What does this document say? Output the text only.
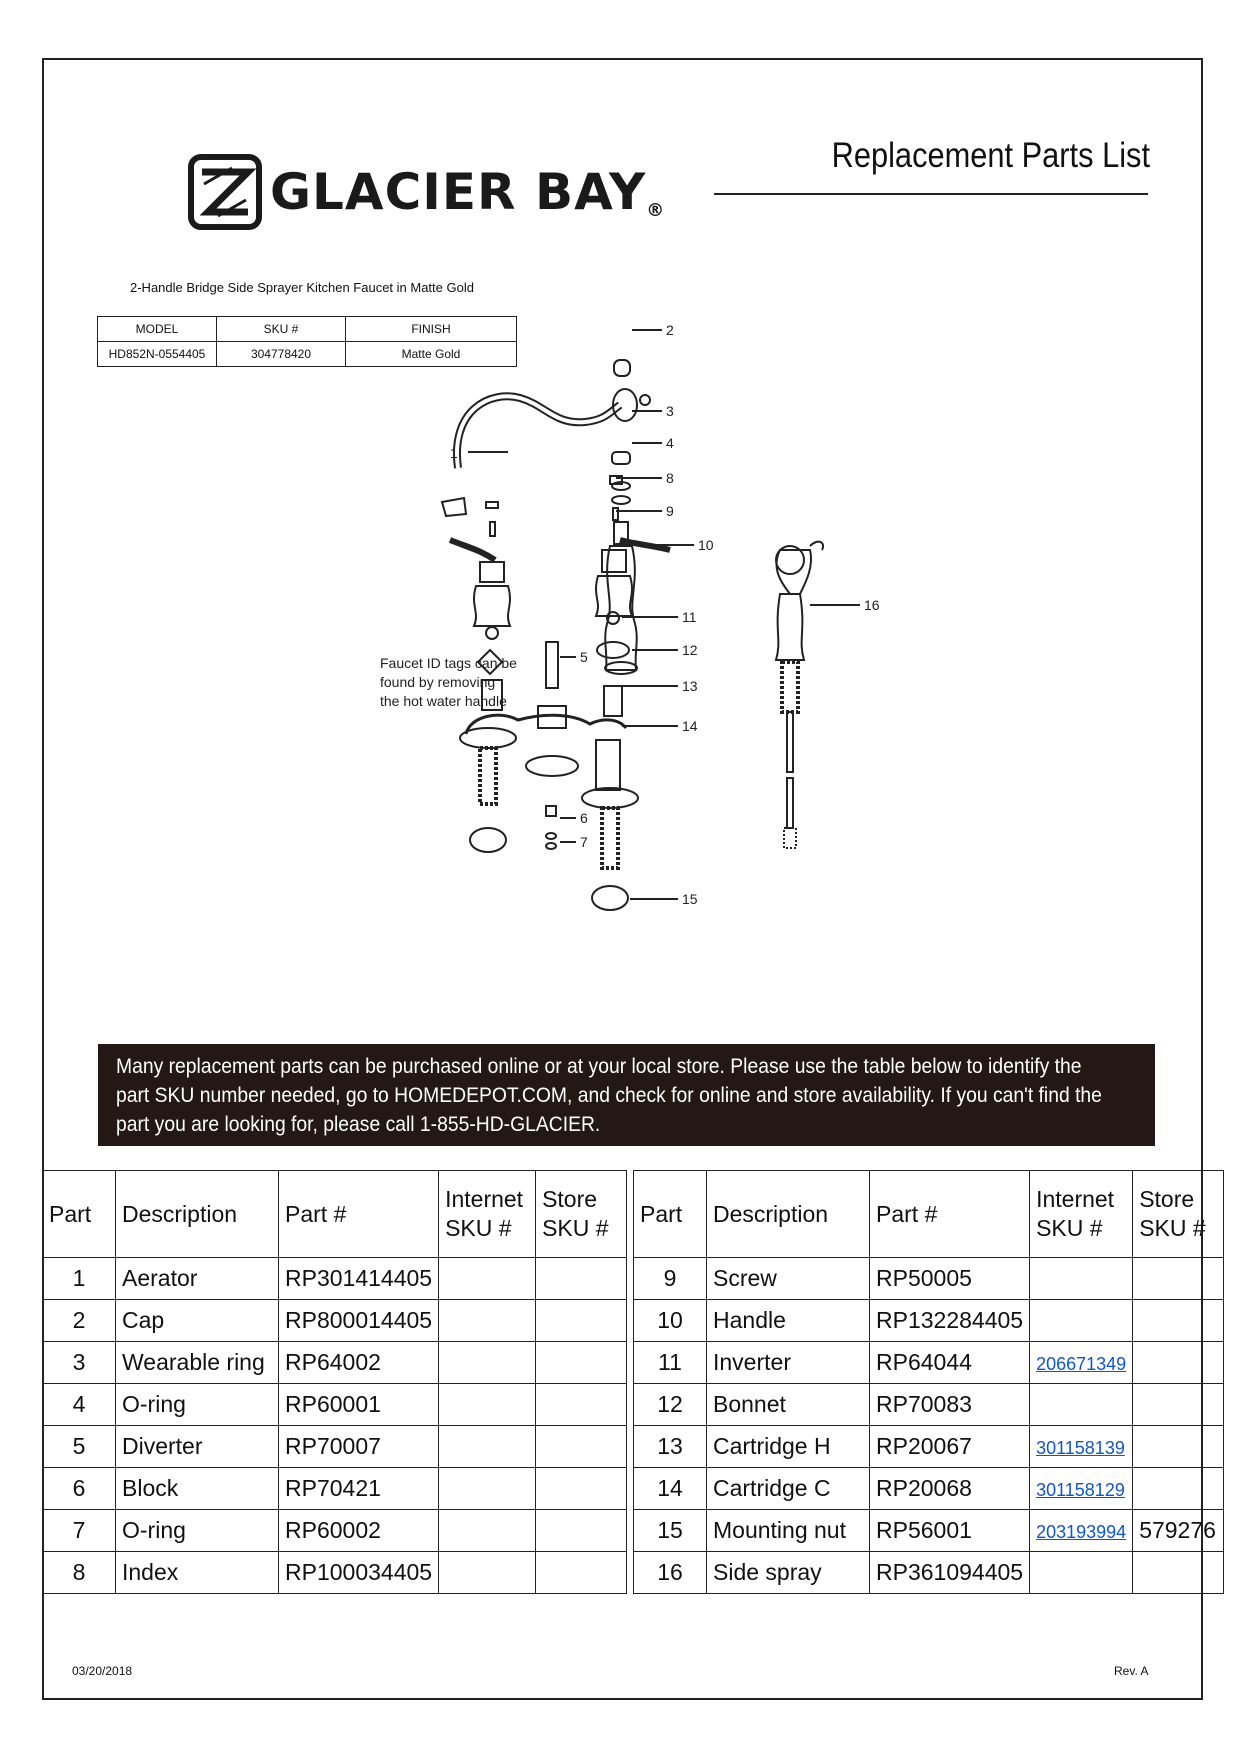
GLACIER BAY®
Replacement Parts List
2-Handle Bridge Side Sprayer Kitchen Faucet in Matte Gold
MODEL	SKU #	FINISH
HD852N-0554405	304778420	Matte Gold
2
3
4
1
8
9
10
11
12
13
14
5
6
7
15
16
Faucet ID tags can be
found by removing
the hot water handle
Many replacement parts can be purchased online or at your local store. Please use the table below to identify the
part SKU number needed, go to HOMEDEPOT.COM, and check for online and store availability. If you can't find the
part you are looking for, please call 1-855-HD-GLACIER.
Part	Description	Part #	Internet SKU #	Store SKU #
1	Aerator	RP301414405		
2	Cap	RP800014405		
3	Wearable ring	RP64002		
4	O-ring	RP60001		
5	Diverter	RP70007		
6	Block	RP70421		
7	O-ring	RP60002		
8	Index	RP100034405		
Part	Description	Part #	Internet SKU #	Store SKU #
9	Screw	RP50005		
10	Handle	RP132284405		
11	Inverter	RP64044	206671349	
12	Bonnet	RP70083		
13	Cartridge H	RP20067	301158139	
14	Cartridge C	RP20068	301158129	
15	Mounting nut	RP56001	203193994	579276
16	Side spray	RP361094405		
03/20/2018	Rev. A
